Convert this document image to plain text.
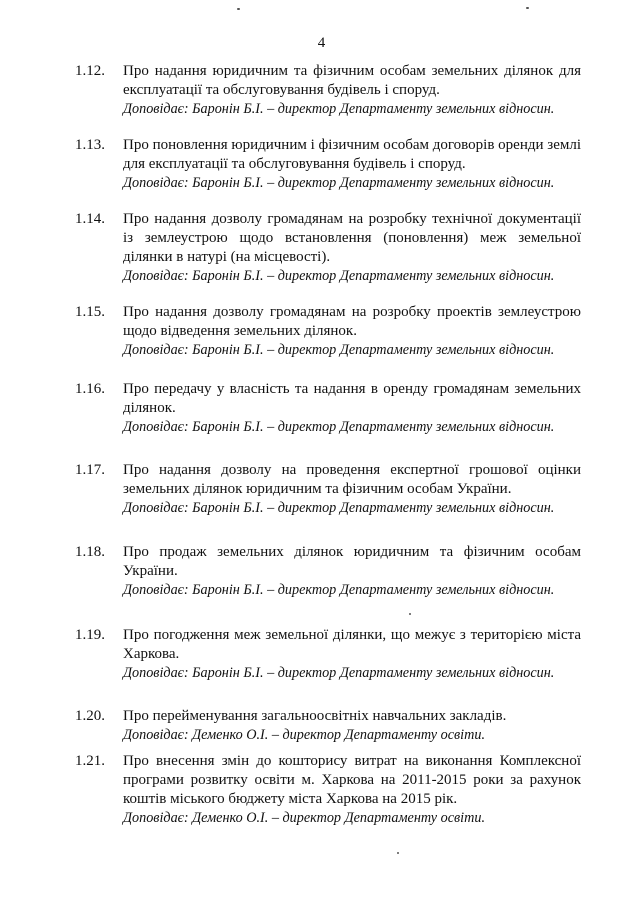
4
1.12. Про надання юридичним та фізичним особам земельних ділянок для експлуатації та обслуговування будівель і споруд.

Доповідає: Баронін Б.І. – директор Департаменту земельних відносин.

1.13. Про поновлення юридичним і фізичним особам договорів оренди землі для експлуатації та обслуговування будівель і споруд.

Доповідає: Баронін Б.І. – директор Департаменту земельних відносин.

1.14. Про надання дозволу громадянам на розробку технічної документації із землеустрою щодо встановлення (поновлення) меж земельної ділянки в натурі (на місцевості).

Доповідає: Баронін Б.І. – директор Департаменту земельних відносин.

1.15. Про надання дозволу громадянам на розробку проектів землеустрою щодо відведення земельних ділянок.

Доповідає: Баронін Б.І. – директор Департаменту земельних відносин.

1.16. Про передачу у власність та надання в оренду громадянам земельних ділянок.

Доповідає: Баронін Б.І. – директор Департаменту земельних відносин.

1.17. Про надання дозволу на проведення експертної грошової оцінки земельних ділянок юридичним та фізичним особам України.

Доповідає: Баронін Б.І. – директор Департаменту земельних відносин.

1.18. Про продаж земельних ділянок юридичним та фізичним особам України.

Доповідає: Баронін Б.І. – директор Департаменту земельних відносин.

1.19. Про погодження меж земельної ділянки, що межує з територією міста Харкова.

Доповідає: Баронін Б.І. – директор Департаменту земельних відносин.

1.20. Про перейменування загальноосвітніх навчальних закладів.

Доповідає: Деменко О.І. – директор Департаменту освіти.

1.21. Про внесення змін до кошторису витрат на виконання Комплексної програми розвитку освіти м. Харкова на 2011-2015 роки за рахунок коштів міського бюджету міста Харкова на 2015 рік.

Доповідає: Деменко О.І. – директор Департаменту освіти.
